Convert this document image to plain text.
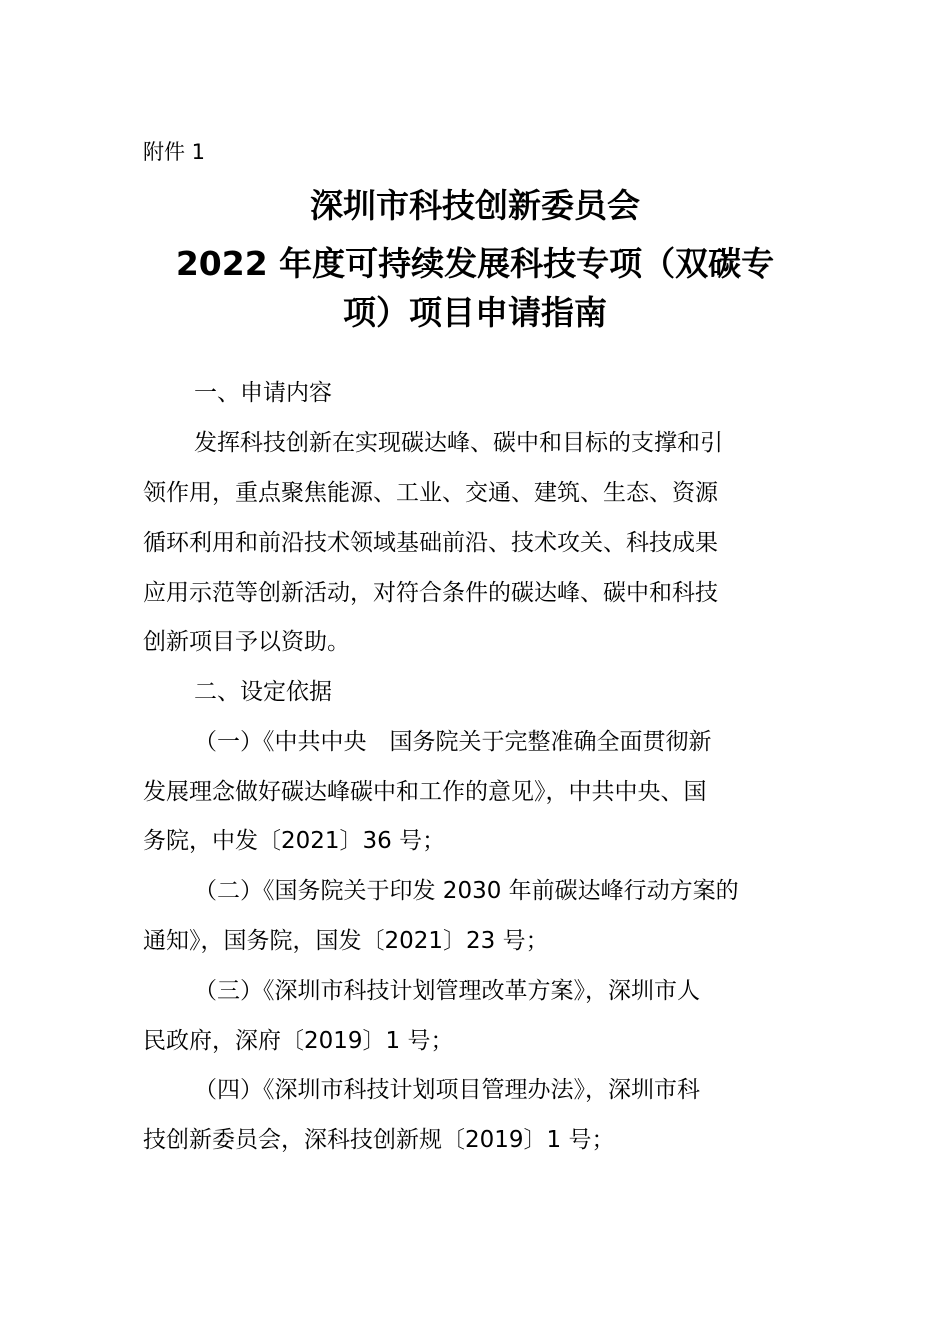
附件 1
深圳市科技创新委员会
2022 年度可持续发展科技专项（双碳专
项）项目申请指南
一、申请内容
发挥科技创新在实现碳达峰、碳中和目标的支撑和引
领作用，重点聚焦能源、工业、交通、建筑、生态、资源
循环利用和前沿技术领域基础前沿、技术攻关、科技成果
应用示范等创新活动，对符合条件的碳达峰、碳中和科技
创新项目予以资助。
二、设定依据
（一）《中共中央　国务院关于完整准确全面贯彻新
发展理念做好碳达峰碳中和工作的意见》，中共中央、国
务院，中发〔2021〕36 号；
（二）《国务院关于印发 2030 年前碳达峰行动方案的
通知》，国务院，国发〔2021〕23 号；
（三）《深圳市科技计划管理改革方案》，深圳市人
民政府，深府〔2019〕1 号；
（四）《深圳市科技计划项目管理办法》，深圳市科
技创新委员会，深科技创新规〔2019〕1 号；
